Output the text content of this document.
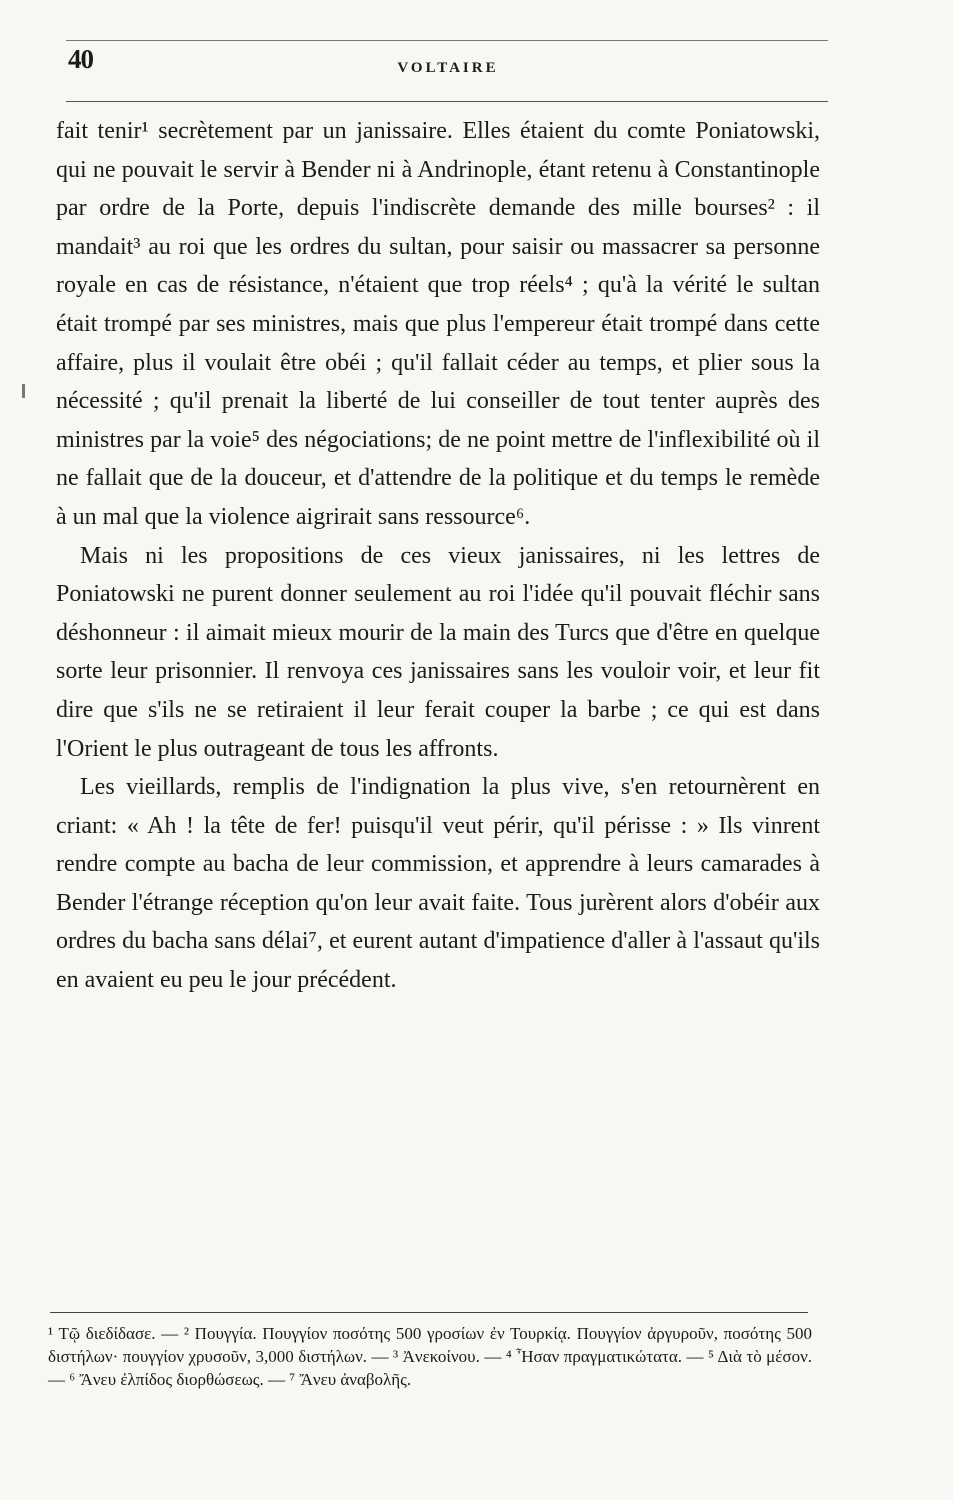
40	VOLTAIRE

fait tenir¹ secrètement par un janissaire. Elles étaient du comte Poniatowski, qui ne pouvait le servir à Bender ni à Andrinople, étant retenu à Constantinople par ordre de la Porte, depuis l'indiscrète demande des mille bourses² : il mandait³ au roi que les ordres du sultan, pour saisir ou massacrer sa personne royale en cas de résistance, n'étaient que trop réels⁴ ; qu'à la vérité le sultan était trompé par ses ministres, mais que plus l'empereur était trompé dans cette affaire, plus il voulait être obéi ; qu'il fallait céder au temps, et plier sous la nécessité ; qu'il prenait la liberté de lui conseiller de tout tenter auprès des ministres par la voie⁵ des négociations; de ne point mettre de l'inflexibilité où il ne fallait que de la douceur, et d'attendre de la politique et du temps le remède à un mal que la violence aigrirait sans ressource⁶.

Mais ni les propositions de ces vieux janissaires, ni les lettres de Poniatowski ne purent donner seulement au roi l'idée qu'il pouvait fléchir sans déshonneur : il aimait mieux mourir de la main des Turcs que d'être en quelque sorte leur prisonnier. Il renvoya ces janissaires sans les vouloir voir, et leur fit dire que s'ils ne se retiraient il leur ferait couper la barbe ; ce qui est dans l'Orient le plus outrageant de tous les affronts.

Les vieillards, remplis de l'indignation la plus vive, s'en retournèrent en criant: « Ah ! la tête de fer! puisqu'il veut périr, qu'il périsse : » Ils vinrent rendre compte au bacha de leur commission, et apprendre à leurs camarades à Bender l'étrange réception qu'on leur avait faite. Tous jurèrent alors d'obéir aux ordres du bacha sans délai⁷, et eurent autant d'impatience d'aller à l'assaut qu'ils en avaient eu peu le jour précédent.

¹ Τῷ διεδίδασε. — ² Πουγγία. Πουγγίον ποσότης 500 γροσίων ἐν Τουρκίᾳ. Πουγγίον ἀργυροῦν, ποσότης 500 διστήλων· πουγγίον χρυσοῦν, 3,000 διστήλων. — ³ Ἀνεκοίνου. — ⁴ Ἦσαν πραγματικώτατα. — ⁵ Διὰ τὸ μέσον. — ⁶ Ἄνευ ἐλπίδος διορθώσεως. — ⁷ Ἄνευ ἀναβολῆς.
